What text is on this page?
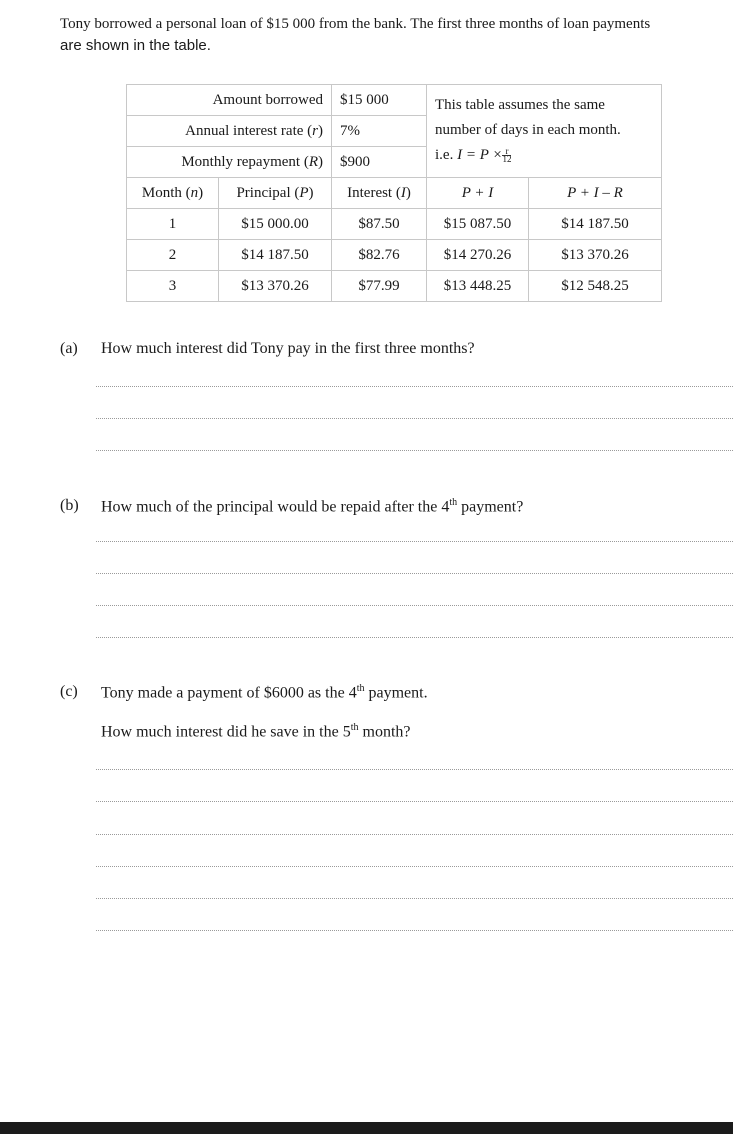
Tony borrowed a personal loan of $15 000 from the bank. The first three months of loan payments
are shown in the table.
Amount borrowed		$15 000	This table assumes the same
number of days in each month.
i.e. $I = P \times \frac{r}{12}$

Annual interest rate (r)		7%		
Monthly repayment (R)		$900		
Month (n)	Principal (P)	Interest (I)	P + I	P + I – R
1	$15 000.00	$87.50	$15 087.50	$14 187.50
2	$14 187.50	$82.76	$14 270.26	$13 370.26
3	$13 370.26	$77.99	$13 448.25	$12 548.25
(a) How much interest did Tony pay in the first three months?
(b) How much of the principal would be repaid after the 4th payment?
(c) Tony made a payment of $6000 as the 4th payment.
How much interest did he save in the 5th month?
